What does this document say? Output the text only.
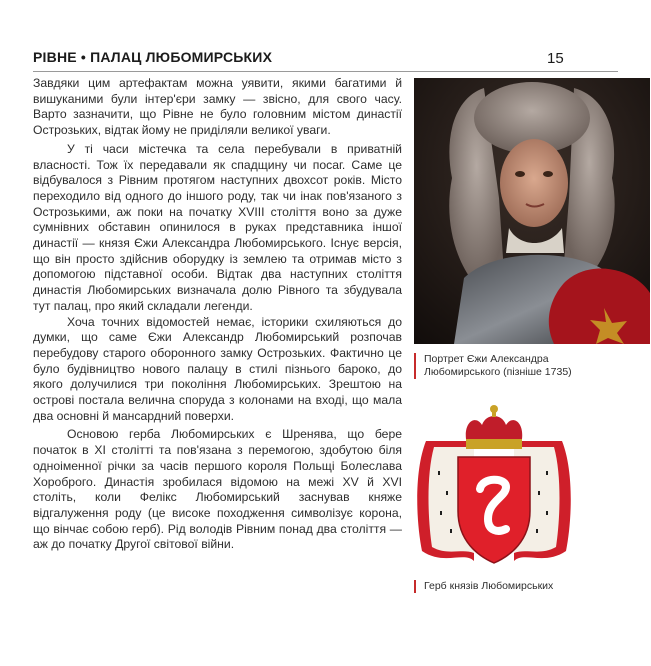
РІВНЕ • ПАЛАЦ ЛЮБОМИРСЬКИХ	15

Завдяки цим артефактам можна уявити, якими багатими й вишуканими були інтер'єри замку — звісно, для свого часу. Варто зазначити, що Рівне не було головним містом династії Острозьких, відтак йому не приділяли великої уваги.

У ті часи містечка та села перебували в приватній власності. Тож їх передавали як спадщину чи посаг. Саме це відбувалося з Рівним протягом наступних двохсот років. Місто переходило від одного до іншого роду, так чи інак пов'язаного з Острозькими, аж поки на початку XVIII століття воно за дуже сумнівних обставин опинилося в руках представника іншої династії — князя Єжи Александра Любомирського. Існує версія, що він просто здійснив оборудку із землею та отримав місто з допомогою підставної особи. Відтак два наступних століття династія Любомирських визначала долю Рівного та збудувала тут палац, про який складали легенди.

Хоча точних відомостей немає, історики схиляються до думки, що саме Єжи Александр Любомирський розпочав перебудову старого оборонного замку Острозьких. Фактично це було будівництво нового палацу в стилі пізнього бароко, до якого долучилися три покоління Любомирських. Зрештою на острові постала велична споруда з колонами на вході, що мала два основні й мансардний поверхи.

Основою герба Любомирських є Шренява, що бере початок в XI столітті та пов'язана з перемогою, здобутою біля одноіменної річки за часів першого короля Польщі Болеслава Хороброго. Династія зробилася відомою на межі XV й XVI століть, коли Фелікс Любомирський заснував княже відгалуження роду (це високе походження символізує корона, що вінчає собою герб). Рід володів Рівним понад два століття — аж до початку Другої світової війни.

Портрет Єжи Александра Любомирського (пізніше 1735)
Герб князів Любомирських
